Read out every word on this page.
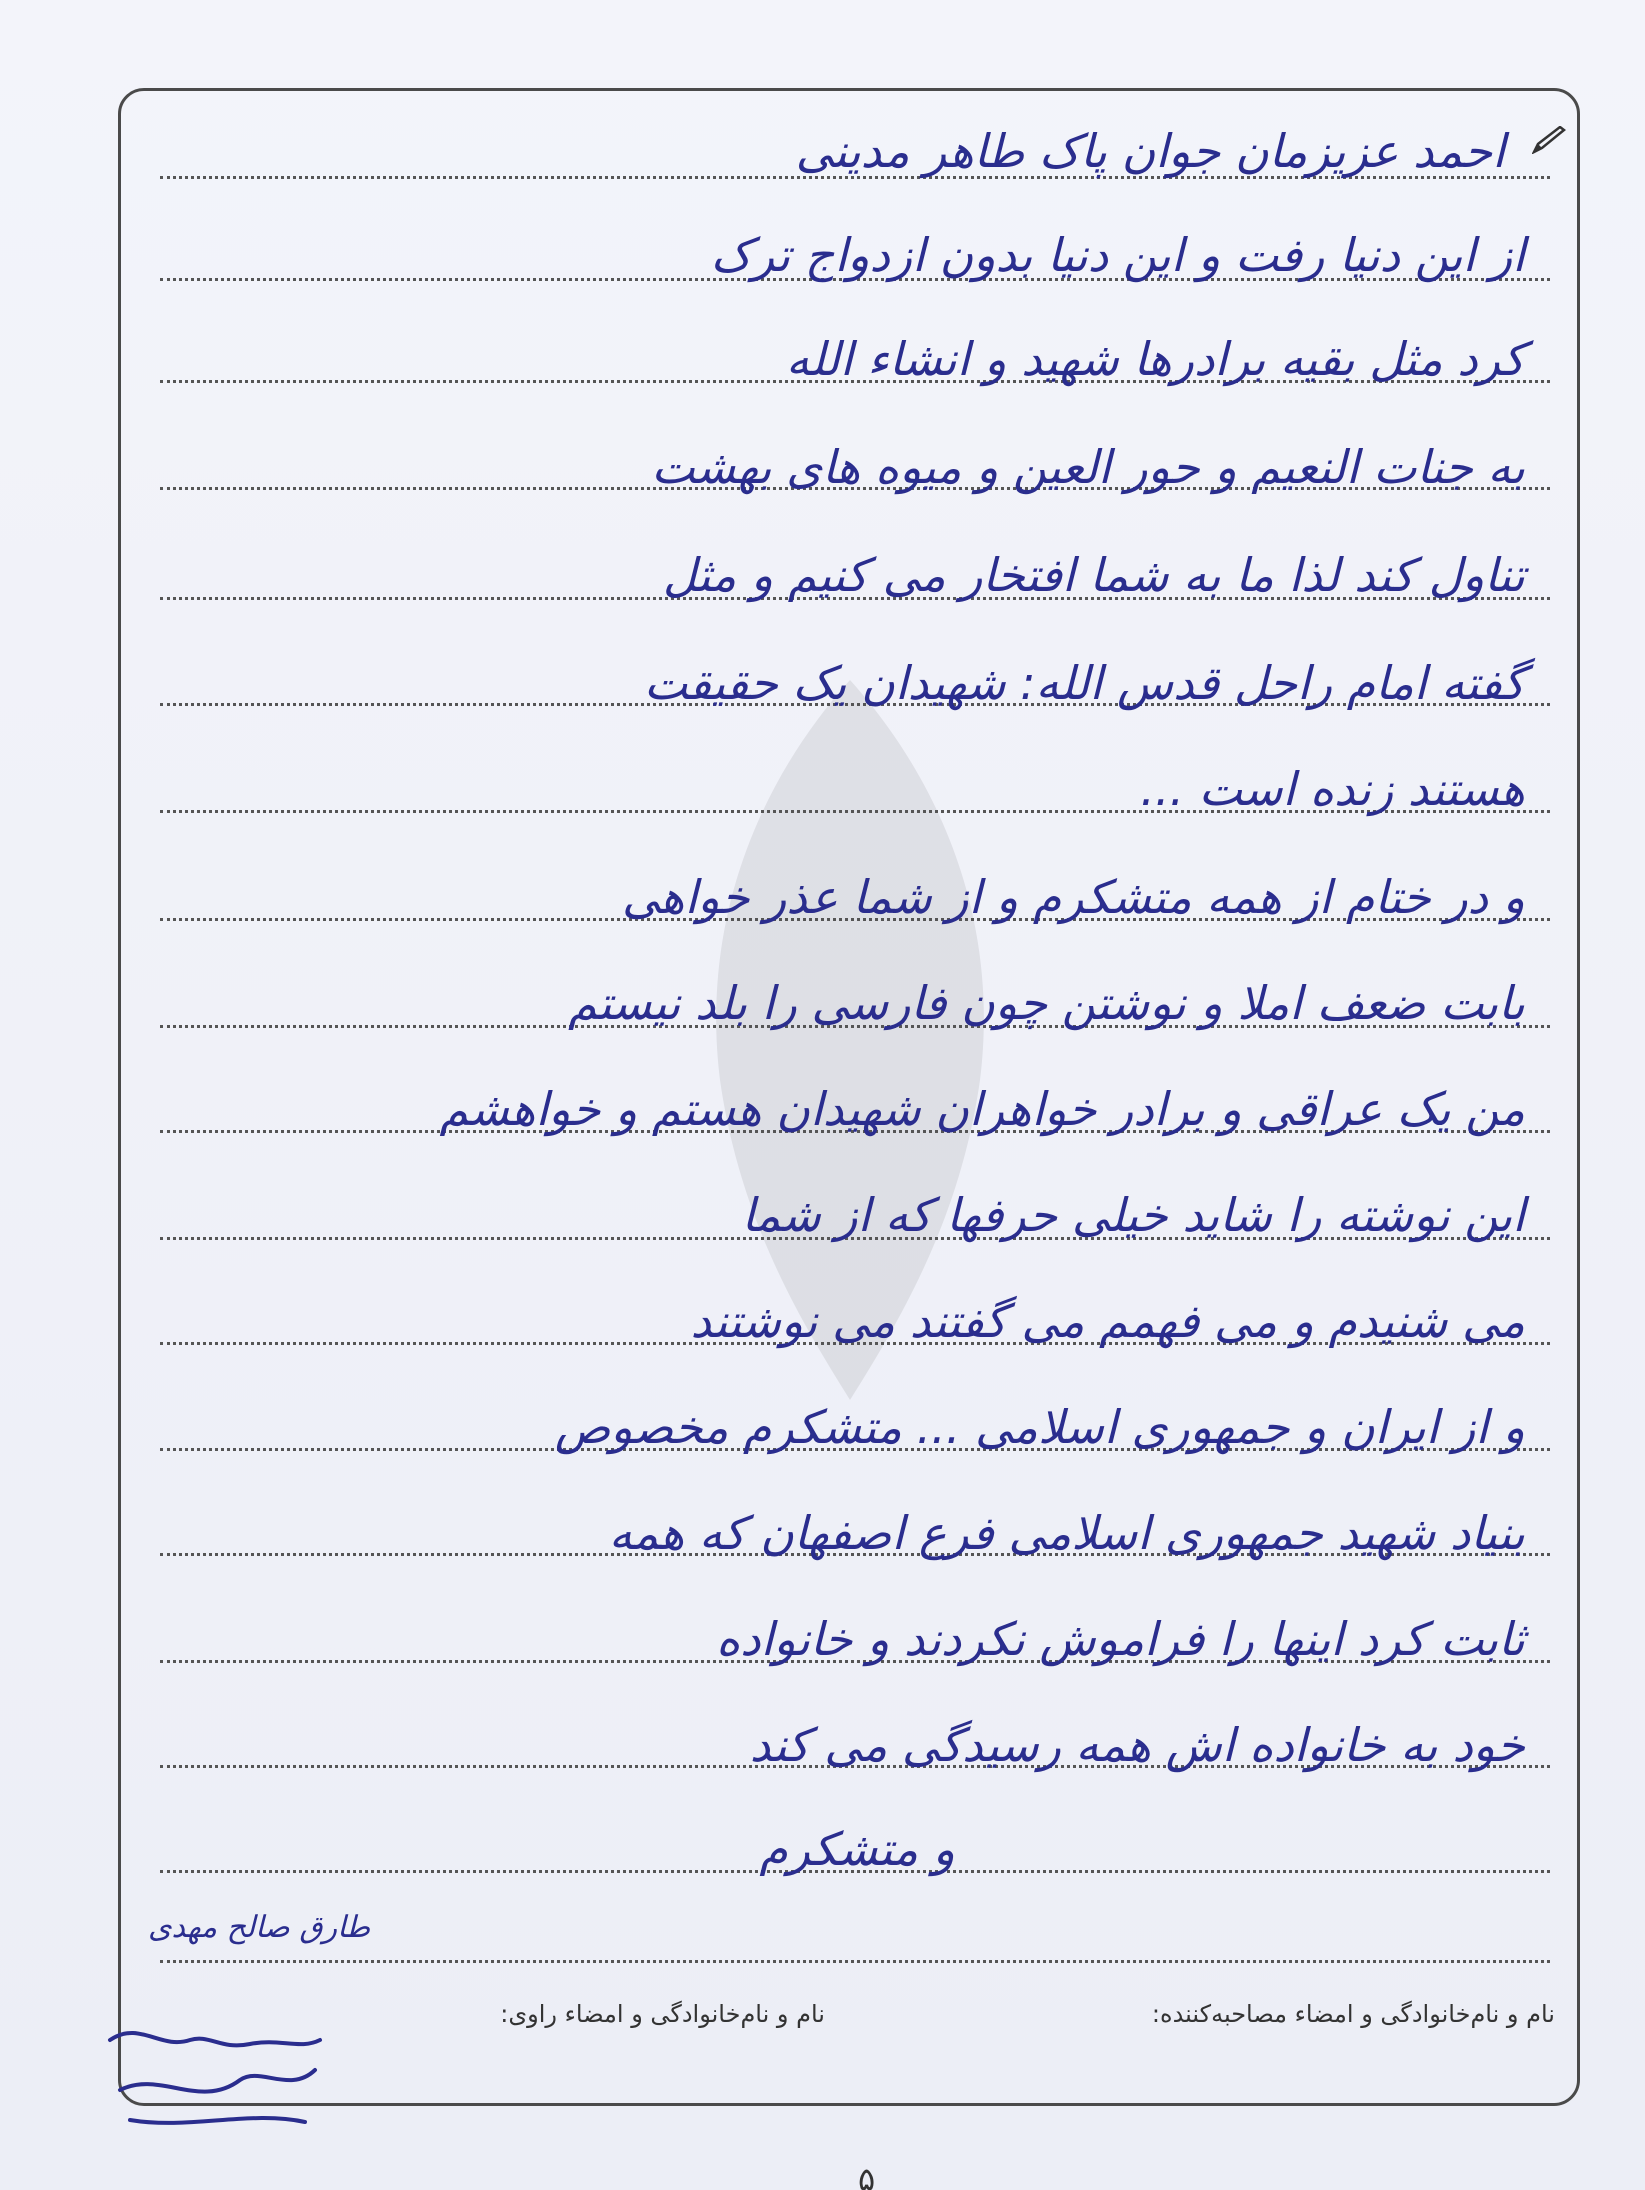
احمد عزیزمان جوان پاک طاهر مدینی
از این دنیا رفت و این دنیا بدون ازدواج ترک
کرد مثل بقیه برادرها شهید و انشاء الله
به جنات النعیم و حور العین و میوه های بهشت
تناول کند لذا ما به شما افتخار می کنیم و مثل
گفته امام راحل قدس الله: شهیدان یک حقیقت
هستند زنده است ...
و در ختام از همه متشکرم و از شما عذر خواهی
بابت ضعف املا و نوشتن چون فارسی را بلد نیستم
من یک عراقی و برادر خواهران شهیدان هستم و خواهشم
این نوشته را شاید خیلی حرفها که از شما
می شنیدم و می فهمم می گفتند می نوشتند
و از ایران و جمهوری اسلامی ... متشکرم مخصوص
بنیاد شهید جمهوری اسلامی فرع اصفهان که همه
ثابت کرد اینها را فراموش نکردند و خانواده
خود به خانواده اش همه رسیدگی می کند
و متشکرم
نام و نام‌خانوادگی و امضاء مصاحبه‌کننده:
نام و نام‌خانوادگی و امضاء راوی:
طارق صالح مهدی
۵
